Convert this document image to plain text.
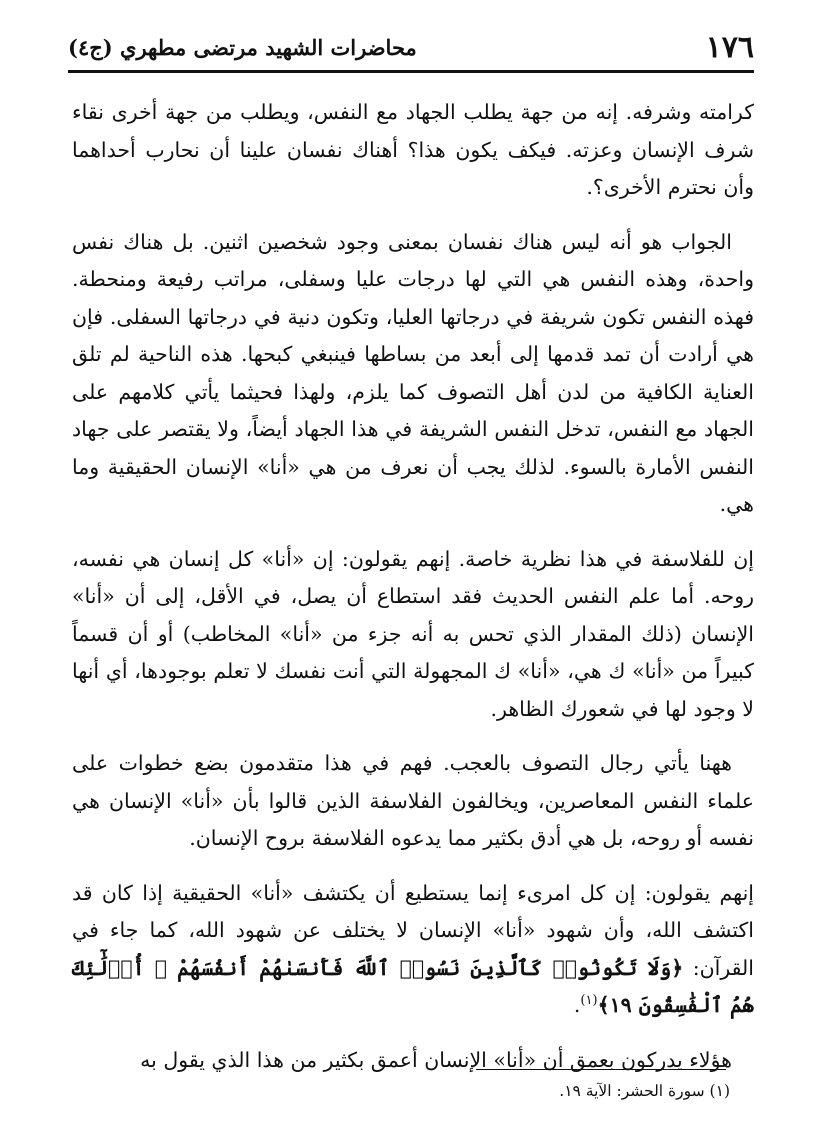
١٧٦
محاضرات الشهيد مرتضى مطهري (ج٤)

كرامته وشرفه. إنه من جهة يطلب الجهاد مع النفس، ويطلب من جهة أخرى نقاء شرف الإنسان وعزته. فيكف يكون هذا؟ أهناك نفسان علينا أن نحارب أحداهما وأن نحترم الأخرى؟.

الجواب هو أنه ليس هناك نفسان بمعنى وجود شخصين اثنين. بل هناك نفس واحدة، وهذه النفس هي التي لها درجات عليا وسفلى، مراتب رفيعة ومنحطة. فهذه النفس تكون شريفة في درجاتها العليا، وتكون دنية في درجاتها السفلى. فإن هي أرادت أن تمد قدمها إلى أبعد من بساطها فينبغي كبحها. هذه الناحية لم تلق العناية الكافية من لدن أهل التصوف كما يلزم، ولهذا فحيثما يأتي كلامهم على الجهاد مع النفس، تدخل النفس الشريفة في هذا الجهاد أيضاً، ولا يقتصر على جهاد النفس الأمارة بالسوء. لذلك يجب أن نعرف من هي «أنا» الإنسان الحقيقية وما هي.

إن للفلاسفة في هذا نظرية خاصة. إنهم يقولون: إن «أنا» كل إنسان هي نفسه، روحه. أما علم النفس الحديث فقد استطاع أن يصل، في الأقل، إلى أن «أنا» الإنسان (ذلك المقدار الذي تحس به أنه جزء من «أنا» المخاطب) أو أن قسماً كبيراً من «أنا» ك هي، «أنا» ك المجهولة التي أنت نفسك لا تعلم بوجودها، أي أنها لا وجود لها في شعورك الظاهر.

ههنا يأتي رجال التصوف بالعجب. فهم في هذا متقدمون بضع خطوات على علماء النفس المعاصرين، ويخالفون الفلاسفة الذين قالوا بأن «أنا» الإنسان هي نفسه أو روحه، بل هي أدق بكثير مما يدعوه الفلاسفة بروح الإنسان.

إنهم يقولون: إن كل امرىء إنما يستطيع أن يكتشف «أنا» الحقيقية إذا كان قد اكتشف الله، وأن شهود «أنا» الإنسان لا يختلف عن شهود الله، كما جاء في القرآن: ﴿وَلَا تَكُونُوا۟ كَٱلَّذِينَ نَسُوا۟ ٱللَّهَ فَأَنسَىٰهُمْ أَنفُسَهُمْ ۚ أُو۟لَٰٓئِكَ هُمُ ٱلْفَٰسِقُونَ ١٩﴾$^{(١)}$.

هؤلاء يدركون بعمق أن «أنا» الإنسان أعمق بكثير من هذا الذي يقول به

(١) سورة الحشر: الآية ١٩.
